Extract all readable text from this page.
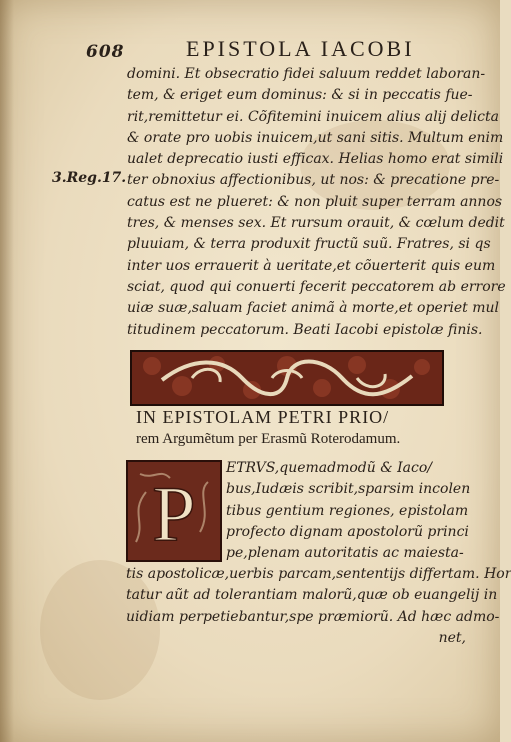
608	EPISTOLA IACOBI
3.Reg.17.
domini. Et obsecratio fidei saluum reddet laboran-
tem, & eriget eum dominus: & si in peccatis fue-
rit,remittetur ei. Cõfitemini inuicem alius alij delicta
& orate pro uobis inuicem,ut sani sitis. Multum enim
ualet deprecatio iusti efficax. Helias homo erat simili
ter obnoxius affectionibus, ut nos: & precatione pre-
catus est ne plueret: & non pluit super terram annos
tres, & menses sex. Et rursum orauit, & cœlum dedit
pluuiam, & terra produxit fructũ suũ. Fratres, si qs
inter uos errauerit à ueritate,et cõuerterit quis eum
sciat, quod qui conuerti fecerit peccatorem ab errore
uiæ suæ,saluam faciet animã à morte,et operiet mul
titudinem peccatorum. Beati Iacobi epistolæ finis.
IN EPISTOLAM PETRI PRIO/
rem Argumẽtum per Erasmũ Roterodamum.
P
ETRVS,quemadmodũ & Iaco/
bus,Iudæis scribit,sparsim incolen
tibus gentium regiones, epistolam
profecto dignam apostolorũ princi
pe,plenam autoritatis ac maiesta-
tis apostolicæ,uerbis parcam,sententijs differtam. Hor
tatur aũt ad tolerantiam malorũ,quæ ob euangelij in
uidiam perpetiebantur,spe præmiorũ. Ad hæc admo-
net,
